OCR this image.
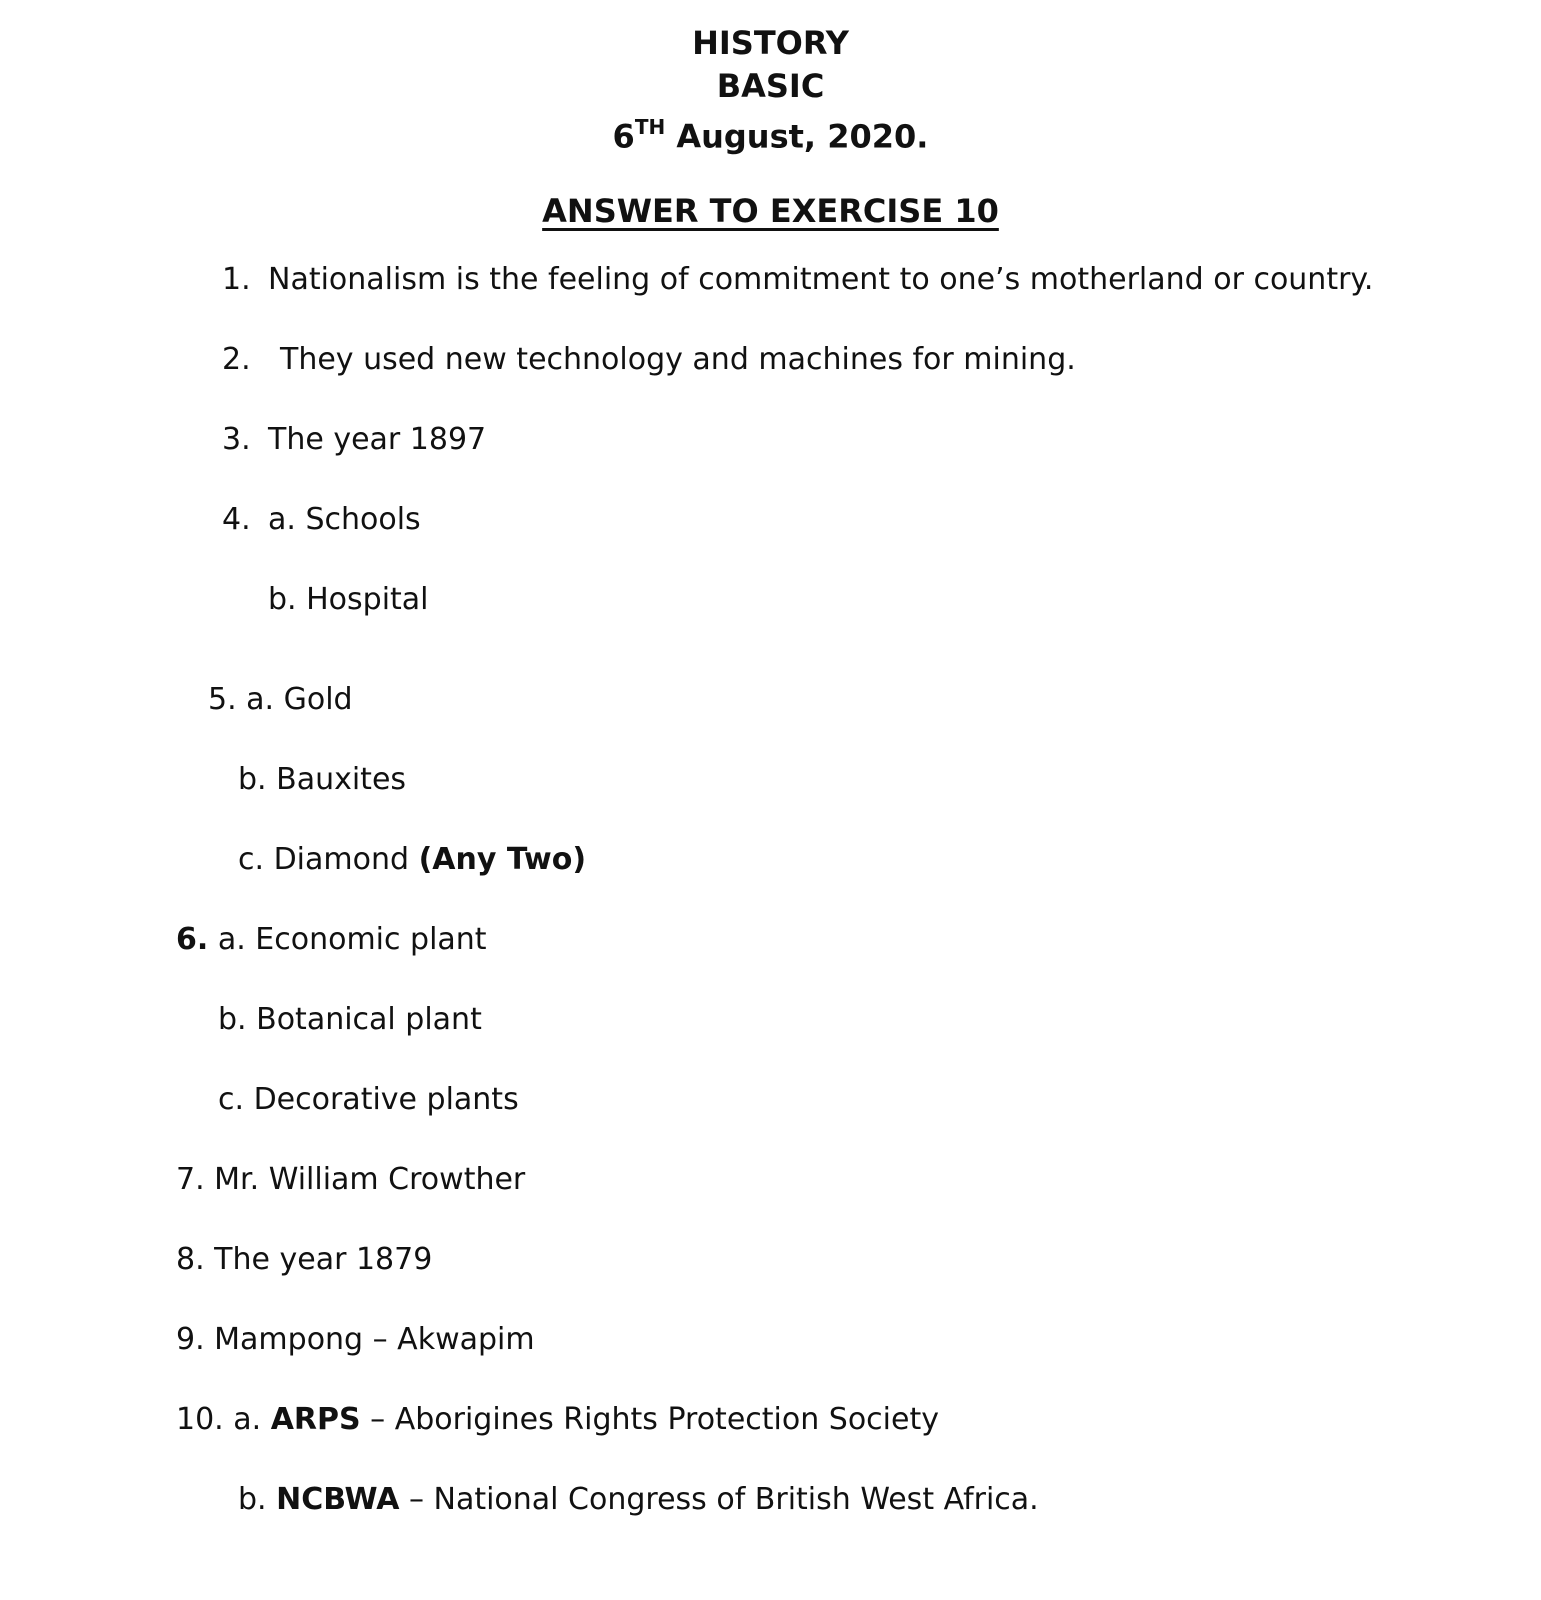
HISTORY
BASIC
6TH August, 2020.
ANSWER TO EXERCISE 10
1. Nationalism is the feeling of commitment to one’s motherland or country.
2. They used new technology and machines for mining.
3. The year 1897
4. a. Schools
b. Hospital
5. a. Gold
b. Bauxites
c. Diamond (Any Two)
6. a. Economic plant
b. Botanical plant
c. Decorative plants
7. Mr. William Crowther
8. The year 1879
9. Mampong – Akwapim
10. a. ARPS – Aborigines Rights Protection Society
b. NCBWA – National Congress of British West Africa.
